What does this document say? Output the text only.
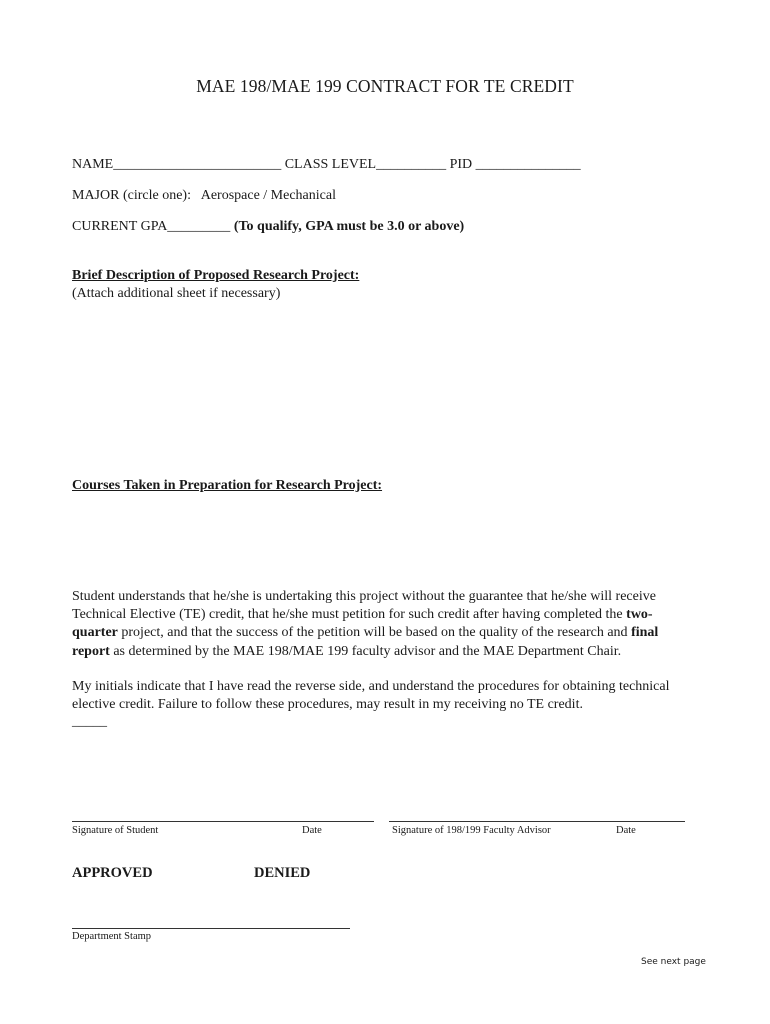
MAE 198/MAE 199 CONTRACT FOR TE CREDIT
NAME________________________ CLASS LEVEL__________ PID _______________
MAJOR (circle one): Aerospace / Mechanical
CURRENT GPA_________ (To qualify, GPA must be 3.0 or above)
Brief Description of Proposed Research Project:
(Attach additional sheet if necessary)
Courses Taken in Preparation for Research Project:
Student understands that he/she is undertaking this project without the guarantee that he/she will receive Technical Elective (TE) credit, that he/she must petition for such credit after having completed the two-quarter project, and that the success of the petition will be based on the quality of the research and final report as determined by the MAE 198/MAE 199 faculty advisor and the MAE Department Chair.
My initials indicate that I have read the reverse side, and understand the procedures for obtaining technical elective credit. Failure to follow these procedures, may result in my receiving no TE credit.
_____
Signature of Student	Date	Signature of 198/199 Faculty Advisor	Date
APPROVED	DENIED
Department Stamp
See next page
